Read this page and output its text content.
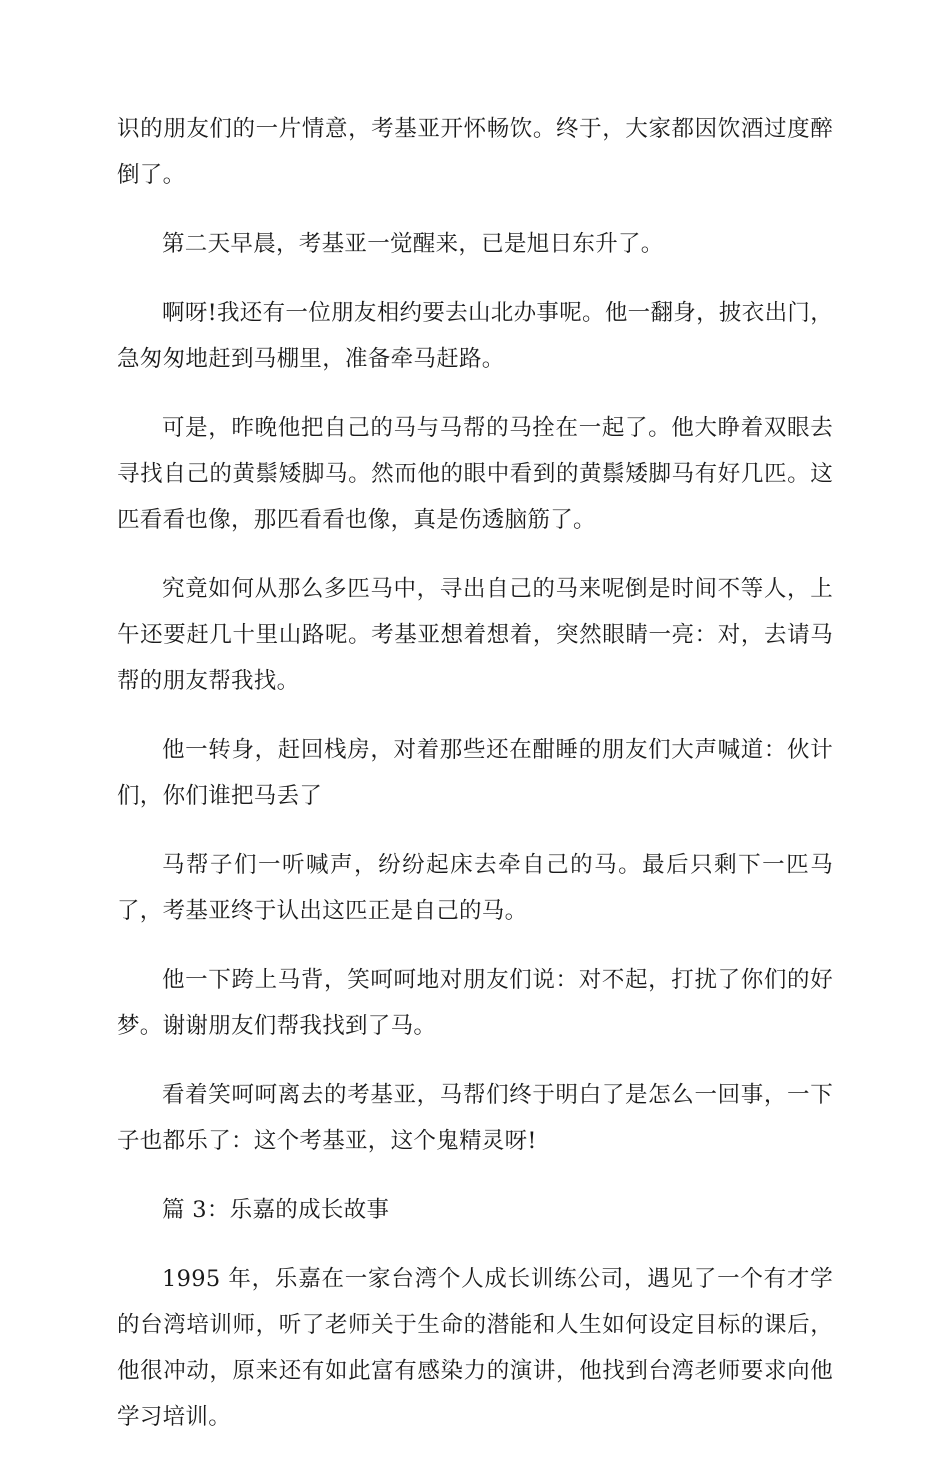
识的朋友们的一片情意，考基亚开怀畅饮。终于，大家都因饮酒过度醉倒了。

第二天早晨，考基亚一觉醒来，已是旭日东升了。

啊呀!我还有一位朋友相约要去山北办事呢。他一翻身，披衣出门，急匆匆地赶到马棚里，准备牵马赶路。

可是，昨晚他把自己的马与马帮的马拴在一起了。他大睁着双眼去寻找自己的黄鬃矮脚马。然而他的眼中看到的黄鬃矮脚马有好几匹。这匹看看也像，那匹看看也像，真是伤透脑筋了。

究竟如何从那么多匹马中，寻出自己的马来呢倒是时间不等人，上午还要赶几十里山路呢。考基亚想着想着，突然眼睛一亮：对，去请马帮的朋友帮我找。

他一转身，赶回栈房，对着那些还在酣睡的朋友们大声喊道：伙计们，你们谁把马丢了

马帮子们一听喊声，纷纷起床去牵自己的马。最后只剩下一匹马了，考基亚终于认出这匹正是自己的马。

他一下跨上马背，笑呵呵地对朋友们说：对不起，打扰了你们的好梦。谢谢朋友们帮我找到了马。

看着笑呵呵离去的考基亚，马帮们终于明白了是怎么一回事，一下子也都乐了：这个考基亚，这个鬼精灵呀!

篇 3：乐嘉的成长故事

1995 年，乐嘉在一家台湾个人成长训练公司，遇见了一个有才学的台湾培训师，听了老师关于生命的潜能和人生如何设定目标的课后，他很冲动，原来还有如此富有感染力的演讲，他找到台湾老师要求向他学习培训。
